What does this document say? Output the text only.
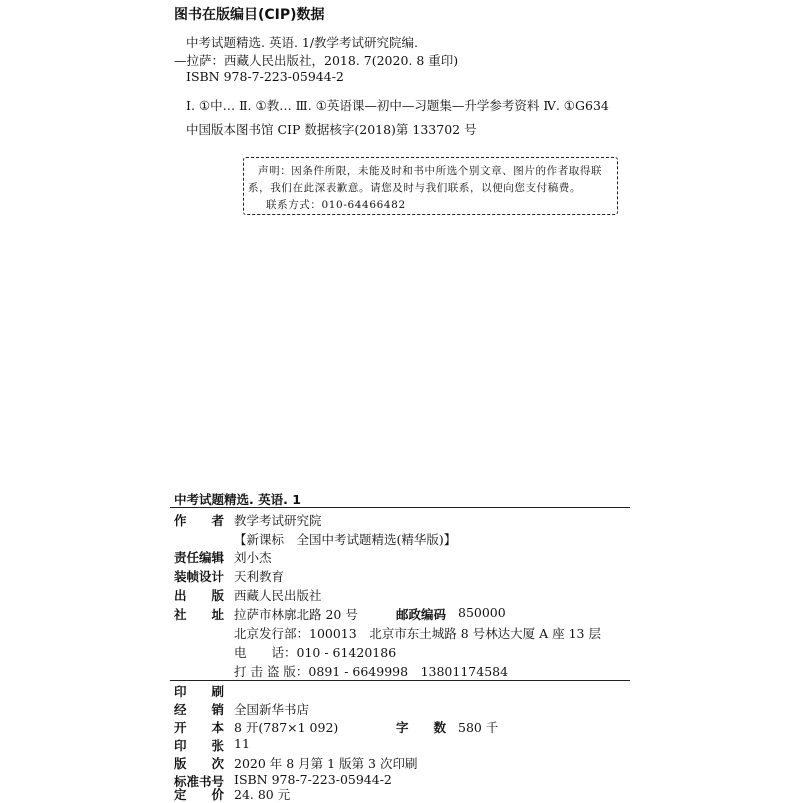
图书在版编目(CIP)数据
中考试题精选. 英语. 1/教学考试研究院编.
—拉萨：西藏人民出版社，2018. 7(2020. 8 重印)
ISBN 978-7-223-05944-2
Ⅰ. ①中… Ⅱ. ①教… Ⅲ. ①英语课—初中—习题集—升学参考资料 Ⅳ. ①G634
中国版本图书馆 CIP 数据核字(2018)第 133702 号
声明：因条件所限，未能及时和书中所选个别文章、图片的作者取得联
系，我们在此深表歉意。请您及时与我们联系，以便向您支付稿费。
联系方式：010-64466482
中考试题精选. 英语. 1
作　　者 教学考试研究院
【新课标　全国中考试题精选(精华版)】
责任编辑 刘小杰
装帧设计 天利教育
出　　版 西藏人民出版社
社　　址 拉萨市林廓北路 20 号	邮政编码 850000
北京发行部：100013　北京市东土城路 8 号林达大厦 A 座 13 层
电　　话：010 - 61420186
打 击 盗 版：0891 - 6649998　13801174584
印　　刷
经　　销 全国新华书店
开　　本 8 开(787×1 092)	字　　数 580 千
印　　张 11
版　　次 2020 年 8 月第 1 版第 3 次印刷
标准书号 ISBN 978-7-223-05944-2
定　　价 24. 80 元
